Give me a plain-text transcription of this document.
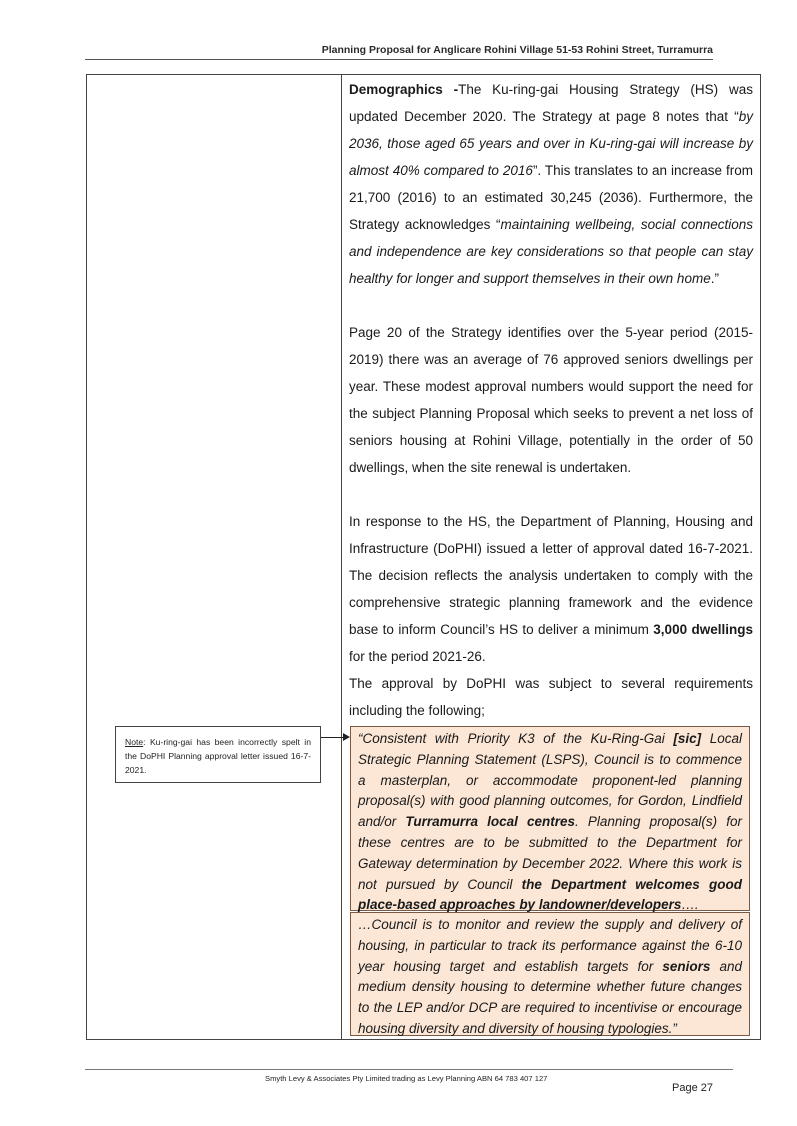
Planning Proposal for Anglicare Rohini Village 51-53 Rohini Street, Turramurra

Demographics -The Ku-ring-gai Housing Strategy (HS) was updated December 2020. The Strategy at page 8 notes that “by 2036, those aged 65 years and over in Ku-ring-gai will increase by almost 40% compared to 2016”. This translates to an increase from 21,700 (2016) to an estimated 30,245 (2036). Furthermore, the Strategy acknowledges “maintaining wellbeing, social connections and independence are key considerations so that people can stay healthy for longer and support themselves in their own home.”

Page 20 of the Strategy identifies over the 5-year period (2015-2019) there was an average of 76 approved seniors dwellings per year. These modest approval numbers would support the need for the subject Planning Proposal which seeks to prevent a net loss of seniors housing at Rohini Village, potentially in the order of 50 dwellings, when the site renewal is undertaken.

In response to the HS, the Department of Planning, Housing and Infrastructure (DoPHI) issued a letter of approval dated 16-7-2021. The decision reflects the analysis undertaken to comply with the comprehensive strategic planning framework and the evidence base to inform Council’s HS to deliver a minimum 3,000 dwellings for the period 2021-26.

The approval by DoPHI was subject to several requirements including the following;

Note: Ku-ring-gai has been incorrectly spelt in the DoPHI Planning approval letter issued 16-7-2021.
“Consistent with Priority K3 of the Ku-Ring-Gai [sic] Local Strategic Planning Statement (LSPS), Council is to commence a masterplan, or accommodate proponent-led planning proposal(s) with good planning outcomes, for Gordon, Lindfield and/or Turramurra local centres. Planning proposal(s) for these centres are to be submitted to the Department for Gateway determination by December 2022. Where this work is not pursued by Council the Department welcomes good place-based approaches by landowner/developers….
…Council is to monitor and review the supply and delivery of housing, in particular to track its performance against the 6-10 year housing target and establish targets for seniors and medium density housing to determine whether future changes to the LEP and/or DCP are required to incentivise or encourage housing diversity and diversity of housing typologies.”
Smyth Levy & Associates Pty Limited trading as Levy Planning ABN 64 783 407 127
Page 27
